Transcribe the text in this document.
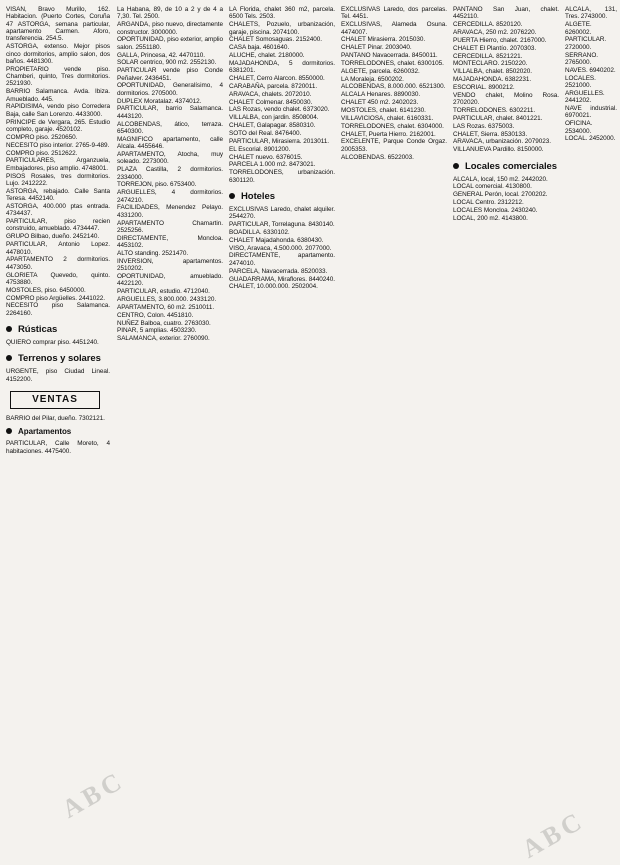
VISAN, Bravo Murillo, 162. Habitacion. (Puerto Cortes, Coruña 47 ASTORGA, semana particular, apartamento Carmen. Aforo, transferencia. 254.5.

ASTORGA, extenso. Mejor pisos cinco dormitorios, amplio salon, dos baños. 4481300.

PROPIETARIO vende piso. Chamberi, quinto, Tres dormitorios. 2521930.

BARRIO Salamanca. Avda. Ibiza. Amueblado. 445.

RAPIDISIMA, vendo piso Corredera Baja, calle San Lorenzo. 4433000.

PRINCIPE de Vergara, 265. Estudio completo, garaje. 4520102.

COMPRO piso. 2520650.

NECESITO piso interior. 2765-9-489.

COMPRO piso. 2512622.

PARTICULARES, Arganzuela, Embajadores, piso amplio. 4748001.

PISOS Rosales, tres dormitorios. Lujo. 2412222.

ASTORGA, rebajado. Calle Santa Teresa. 4452140.

ASTORGA, 400.000 ptas entrada. 4734437.

PARTICULAR, piso recien construido, amueblado. 4734447.

GRUPO Bilbao, dueño. 2452140.

PARTICULAR, Antonio Lopez. 4478010.

APARTAMENTO 2 dormitorios. 4473050.

GLORIETA Quevedo, quinto. 4753880.

MOSTOLES, piso. 6450000.

COMPRO piso Argüelles. 2441022.

NECESITO piso Salamanca. 2264160.

Rústicas

QUIERO comprar piso. 4451240.

Terrenos y solares

URGENTE, piso Ciudad Lineal. 4152200.

VENTAS

BARRIO del Pilar, dueño. 7302121.

Apartamentos

PARTICULAR, Calle Moreto, 4 habitaciones. 4475400.

La Habana, 89, de 10 a 2 y de 4 a 7,30. Tel. 2500.

ARGANDA, piso nuevo, directamente constructor. 3000000.

OPORTUNIDAD, piso exterior, amplio salon. 2551180.

GALLA, Princesa, 42. 4470110.

SOLAR centrico, 900 m2. 2552130.

PARTICULAR vende piso Conde Peñalver. 2436451.

OPORTUNIDAD, Generalísimo, 4 dormitorios. 2705000.

DUPLEX Moratalaz. 4374012.

PARTICULAR, barrio Salamanca. 4443120.

ALCOBENDAS, ático, terraza. 6540300.

MAGNIFICO apartamento, calle Alcala. 4455646.

APARTAMENTO, Atocha, muy soleado. 2273000.

PLAZA Castilla, 2 dormitorios. 2334000.

TORREJON, piso. 6753400.

ARGUELLES, 4 dormitorios. 2474210.

FACILIDADES, Menendez Pelayo. 4331200.

APARTAMENTO Chamartin. 2525256.

DIRECTAMENTE, Moncloa. 4453102.

ALTO standing. 2521470.

INVERSION, apartamentos. 2510202.

OPORTUNIDAD, amueblado. 4422120.

PARTICULAR, estudio. 4712040.

ARGUELLES, 3.800.000. 2433120.

APARTAMENTO, 60 m2. 2510011.

CENTRO, Colon. 4451810.

NUÑEZ Balboa, cuatro. 2763030.

PINAR, 5 amplias. 4503230.

SALAMANCA, exterior. 2760090.

LA Florida, chalet 360 m2, parcela. 6500 Tels. 2503.

CHALETS, Pozuelo, urbanización, garaje, piscina. 2074100.

CHALET Somosaguas. 2152400.

CASA baja. 4601640.

ALUCHE, chalet. 2180000.

MAJADAHONDA, 5 dormitorios. 6381201.

CHALET, Cerro Alarcon. 8550000.

CARABAÑA, parcela. 8720011.

ARAVACA, chalets. 2072010.

CHALET Colmenar. 8450030.

LAS Rozas, vendo chalet. 6373020.

VILLALBA, con jardin. 8508004.

CHALET, Galapagar. 8580310.

SOTO del Real. 8476400.

PARTICULAR, Mirasierra. 2013011.

EL Escorial. 8901200.

CHALET nuevo. 6376015.

PARCELA 1.000 m2. 8473021.

TORRELODONES, urbanización. 6301120.

Hoteles

EXCLUSIVAS Laredo, chalet alquiler. 2544270.

PARTICULAR, Torrelaguna. 8430140.

BOADILLA. 6330102.

CHALET Majadahonda. 6380430.

VISO, Aravaca, 4.500.000. 2077000.

DIRECTAMENTE, apartamento. 2474010.

PARCELA, Navacerrada. 8520033.

GUADARRAMA, Miraflores. 8440240.

CHALET, 10.000.000. 2502004.

EXCLUSIVAS Laredo, dos parcelas. Tel. 4451.

EXCLUSIVAS, Alameda Osuna. 4474007.

CHALET Mirasierra. 2015030.

CHALET Pinar. 2003040.

PANTANO Navacerrada. 8450011.

TORRELODONES, chalet. 6300105.

ALGETE, parcela. 6260032.

LA Moraleja. 6500202.

ALCOBENDAS, 8.000.000. 6521300.

ALCALA Henares. 8890030.

CHALET 450 m2. 2402023.

MOSTOLES, chalet. 6141230.

VILLAVICIOSA, chalet. 6160331.

TORRELODONES, chalet. 6304000.

CHALET, Puerta Hierro. 2162001.

EXCELENTE, Parque Conde Orgaz. 2005353.

ALCOBENDAS. 6522003.

PANTANO San Juan, chalet. 4452110.

CERCEDILLA. 8520120.

ARAVACA, 250 m2. 2076220.

PUERTA Hierro, chalet. 2167000.

CHALET El Plantío. 2070303.

CERCEDILLA. 8521221.

MONTECLARO. 2150220.

VILLALBA, chalet. 8502020.

MAJADAHONDA. 6382231.

ESCORIAL. 8900212.

VENDO chalet, Molino Rosa. 2702020.

TORRELODONES. 6302211.

PARTICULAR, chalet. 8401221.

LAS Rozas. 6375003.

CHALET, Sierra. 8530133.

ARAVACA, urbanización. 2079023.

VILLANUEVA Pardillo. 8150000.

Locales comerciales

ALCALA, local, 150 m2. 2442020.

LOCAL comercial. 4130800.

GENERAL Perón, local. 2700202.

LOCAL Centro. 2312212.

LOCALES Moncloa. 2430240.

LOCAL, 200 m2. 4143800.

ALCALA, 131, Tres. 2743000.

ALGETE. 6260002.

PARTICULAR. 2720000.

SERRANO. 2765000.

NAVES. 6940202.

LOCALES. 2521000.

ARGUELLES. 2441202.

NAVE industrial. 6970021.

OFICINA. 2534000.

LOCAL. 2452000.

ABC
ABC
